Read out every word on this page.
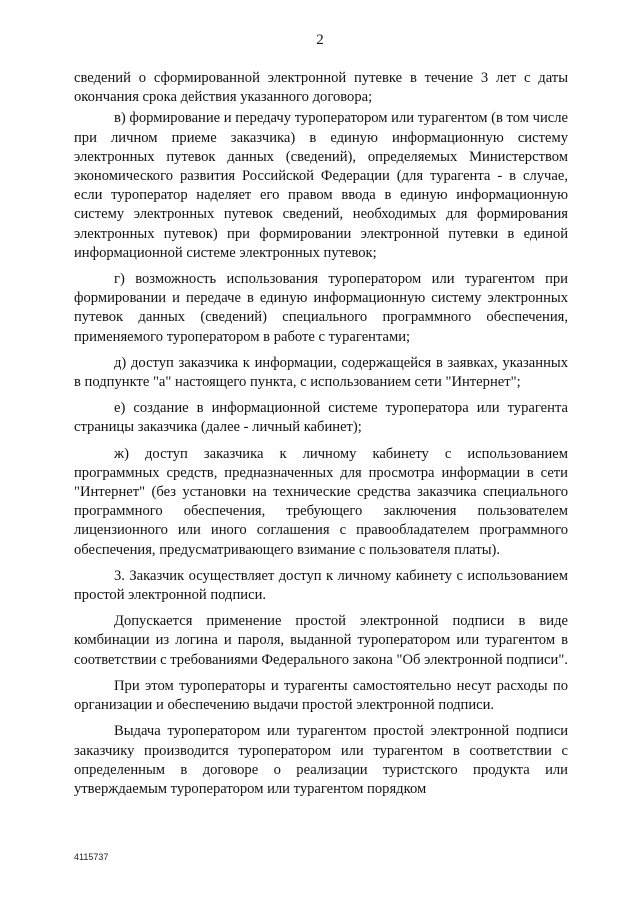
2

сведений о сформированной электронной путевке в течение 3 лет с даты окончания срока действия указанного договора;

в) формирование и передачу туроператором или турагентом (в том числе при личном приеме заказчика) в единую информационную систему электронных путевок данных (сведений), определяемых Министерством экономического развития Российской Федерации (для турагента - в случае, если туроператор наделяет его правом ввода в единую информационную систему электронных путевок сведений, необходимых для формирования электронных путевок) при формировании электронной путевки в единой информационной системе электронных путевок;

г) возможность использования туроператором или турагентом при формировании и передаче в единую информационную систему электронных путевок данных (сведений) специального программного обеспечения, применяемого туроператором в работе с турагентами;

д) доступ заказчика к информации, содержащейся в заявках, указанных в подпункте "а" настоящего пункта, с использованием сети "Интернет";

е) создание в информационной системе туроператора или турагента страницы заказчика (далее - личный кабинет);

ж) доступ заказчика к личному кабинету с использованием программных средств, предназначенных для просмотра информации в сети "Интернет" (без установки на технические средства заказчика специального программного обеспечения, требующего заключения пользователем лицензионного или иного соглашения с правообладателем программного обеспечения, предусматривающего взимание с пользователя платы).

3. Заказчик осуществляет доступ к личному кабинету с использованием простой электронной подписи.

Допускается применение простой электронной подписи в виде комбинации из логина и пароля, выданной туроператором или турагентом в соответствии с требованиями Федерального закона "Об электронной подписи".

При этом туроператоры и турагенты самостоятельно несут расходы по организации и обеспечению выдачи простой электронной подписи.

Выдача туроператором или турагентом простой электронной подписи заказчику производится туроператором или турагентом в соответствии с определенным в договоре о реализации туристского продукта или утверждаемым туроператором или турагентом порядком

4115737
